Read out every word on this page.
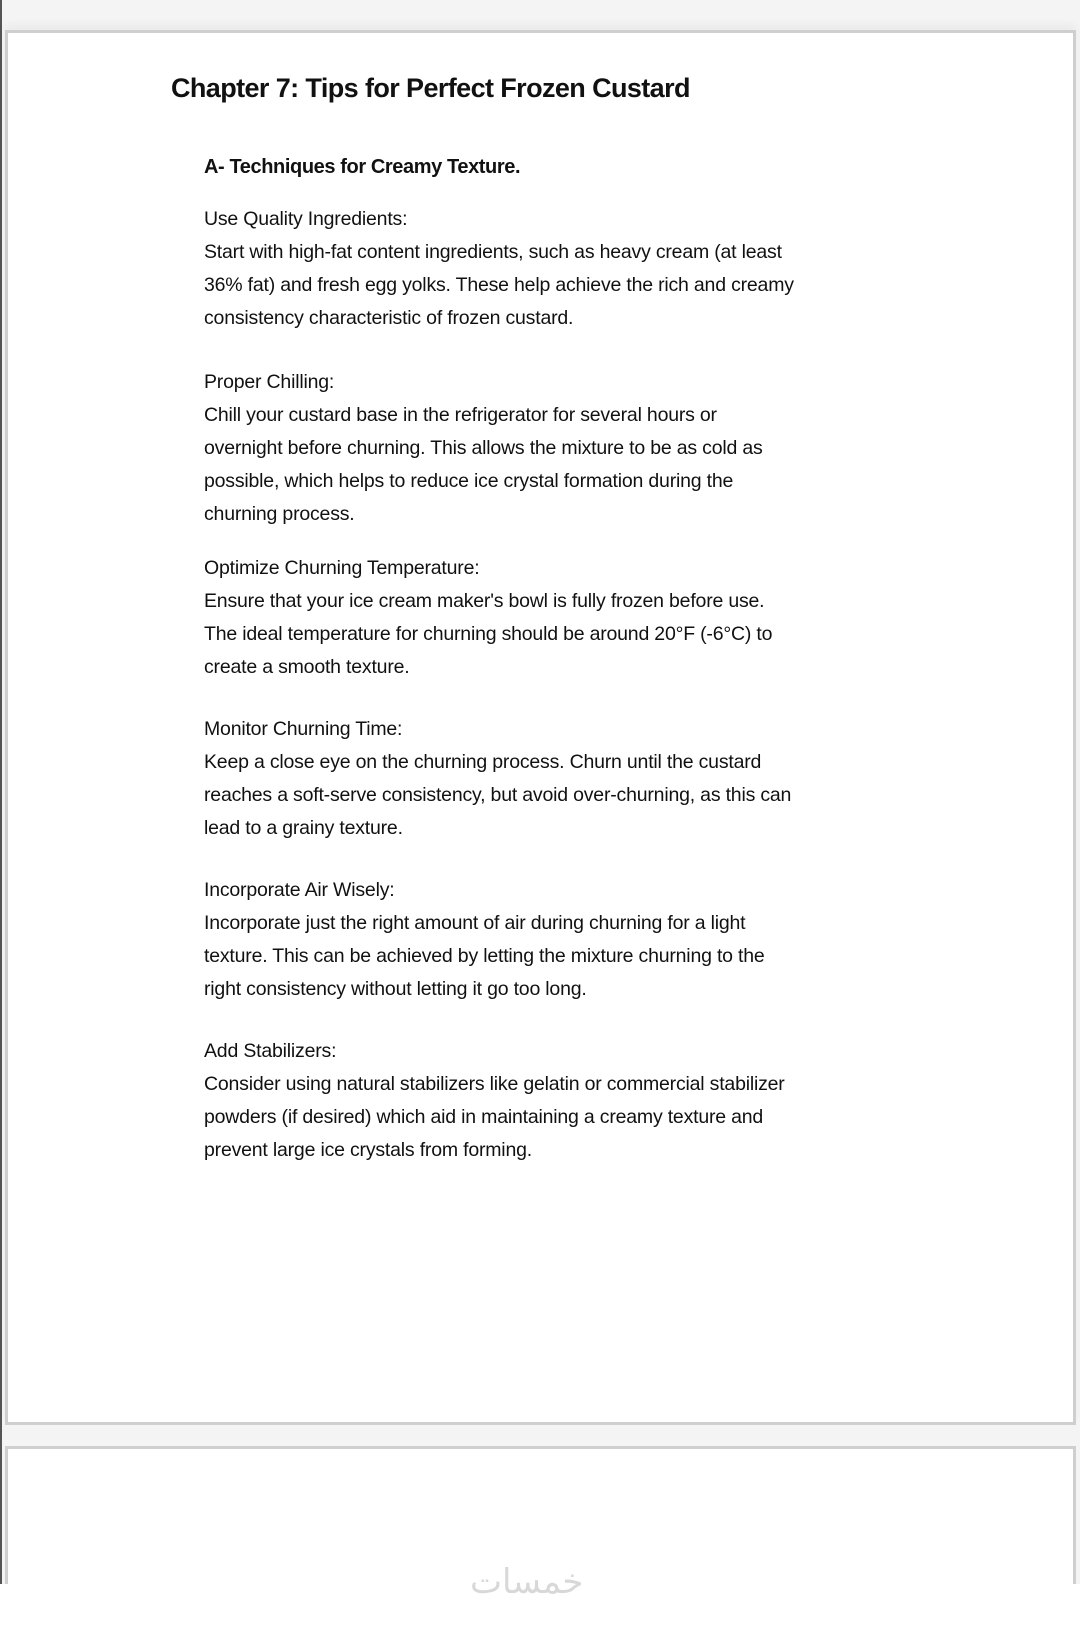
Chapter 7: Tips for Perfect Frozen Custard
A- Techniques for Creamy Texture.
Use Quality Ingredients:
Start with high-fat content ingredients, such as heavy cream (at least
36% fat) and fresh egg yolks. These help achieve the rich and creamy
consistency characteristic of frozen custard.
Proper Chilling:
Chill your custard base in the refrigerator for several hours or
overnight before churning. This allows the mixture to be as cold as
possible, which helps to reduce ice crystal formation during the
churning process.
Optimize Churning Temperature:
Ensure that your ice cream maker's bowl is fully frozen before use.
The ideal temperature for churning should be around 20°F (-6°C) to
create a smooth texture.
Monitor Churning Time:
Keep a close eye on the churning process. Churn until the custard
reaches a soft-serve consistency, but avoid over-churning, as this can
lead to a grainy texture.
Incorporate Air Wisely:
Incorporate just the right amount of air during churning for a light
texture. This can be achieved by letting the mixture churning to the
right consistency without letting it go too long.
Add Stabilizers:
Consider using natural stabilizers like gelatin or commercial stabilizer
powders (if desired) which aid in maintaining a creamy texture and
prevent large ice crystals from forming.
خمسات
